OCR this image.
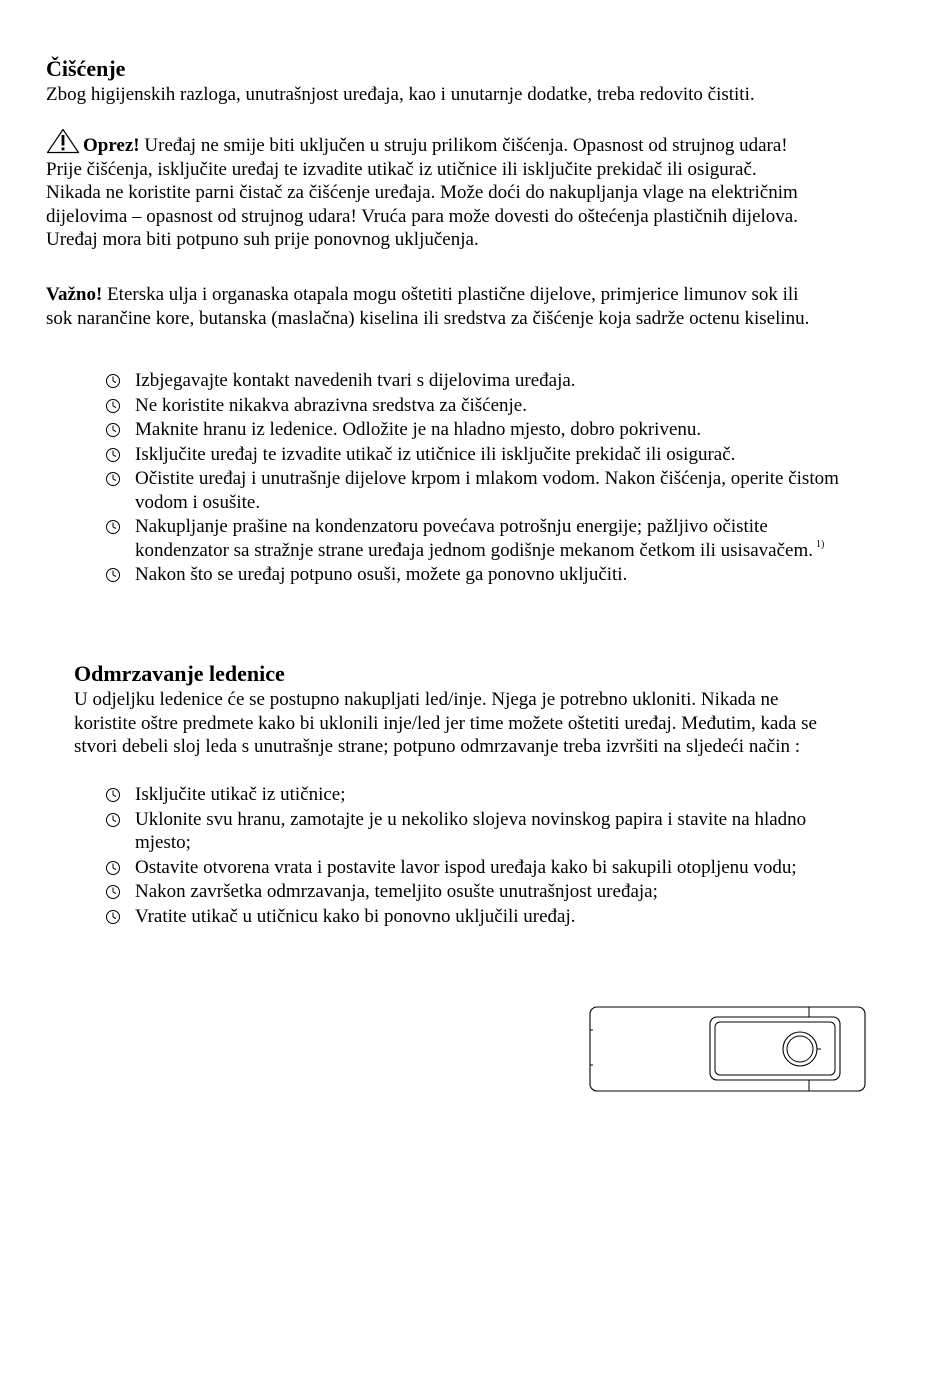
Čišćenje

Zbog higijenskih razloga, unutrašnjost uređaja, kao i unutarnje dodatke, treba redovito čistiti.

Oprez! Uređaj ne smije biti uključen u struju prilikom čišćenja. Opasnost od strujnog udara! Prije čišćenja, isključite uređaj te izvadite utikač iz utičnice ili isključite prekidač ili osigurač. Nikada ne koristite parni čistač za čišćenje uređaja. Može doći do nakupljanja vlage na električnim dijelovima – opasnost od strujnog udara! Vruća para može dovesti do oštećenja plastičnih dijelova. Uređaj mora biti potpuno suh prije ponovnog uključenja.

Važno! Eterska ulja i organaska otapala mogu oštetiti plastične dijelove, primjerice limunov sok ili sok narančine kore, butanska (maslačna) kiselina ili sredstva za čišćenje koja sadrže octenu kiselinu.

Izbjegavajte kontakt navedenih tvari s dijelovima uređaja.
Ne koristite nikakva abrazivna sredstva za čišćenje.
Maknite hranu iz ledenice. Odložite je na hladno mjesto, dobro pokrivenu.
Isključite uređaj te izvadite utikač iz utičnice ili isključite prekidač ili osigurač.
Očistite uređaj i unutrašnje dijelove krpom i mlakom vodom. Nakon čišćenja, operite čistom vodom i osušite.
Nakupljanje prašine na kondenzatoru povećava potrošnju energije; pažljivo očistite kondenzator sa stražnje strane uređaja jednom godišnje mekanom četkom ili usisavačem. $^{1)}$
Nakon što se uređaj potpuno osuši, možete ga ponovno uključiti.
Odmrzavanje ledenice

U odjeljku ledenice će se postupno nakupljati led/inje. Njega je potrebno ukloniti. Nikada ne koristite oštre predmete kako bi uklonili inje/led jer time možete oštetiti uređaj. Međutim, kada se stvori debeli sloj leda s unutrašnje strane; potpuno odmrzavanje treba izvršiti na sljedeći način :

Isključite utikač iz utičnice;
Uklonite svu hranu, zamotajte je u nekoliko slojeva novinskog papira i stavite na hladno mjesto;
Ostavite otvorena vrata i postavite lavor ispod uređaja kako bi sakupili otopljenu vodu;
Nakon završetka odmrzavanja, temeljito osušte unutrašnjost uređaja;
Vratite utikač u utičnicu kako bi ponovno uključili uređaj.
